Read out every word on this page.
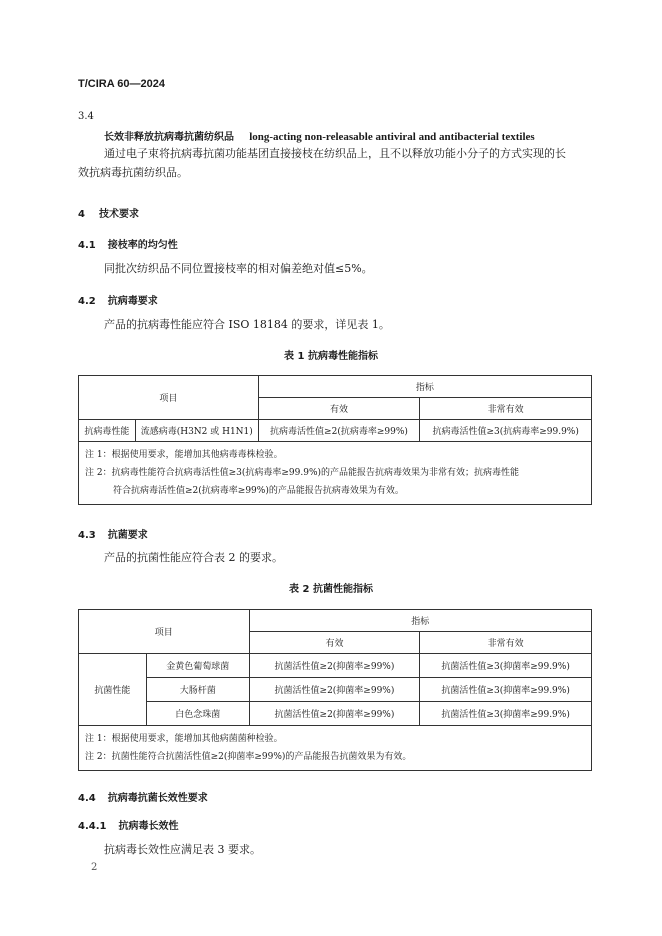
T/CIRA 60—2024
3.4
长效非释放抗病毒抗菌纺织品 long-acting non-releasable antiviral and antibacterial textiles
通过电子束将抗病毒抗菌功能基团直接接枝在纺织品上，且不以释放功能小分子的方式实现的长
效抗病毒抗菌纺织品。
4 技术要求
4.1 接枝率的均匀性
同批次纺织品不同位置接枝率的相对偏差绝对值≤5%。
4.2 抗病毒要求
产品的抗病毒性能应符合 ISO 18184 的要求，详见表 1。
表 1 抗病毒性能指标
项目		指标	
		有效	非常有效
抗病毒性能	流感病毒(H3N2 或 H1N1)	抗病毒活性值≥2(抗病毒率≥99%)	抗病毒活性值≥3(抗病毒率≥99.9%)

注 1：根据使用要求，能增加其他病毒毒株检验。
注 2：抗病毒性能符合抗病毒活性值≥3(抗病毒率≥99.9%)的产品能报告抗病毒效果为非常有效；抗病毒性能
符合抗病毒活性值≥2(抗病毒率≥99%)的产品能报告抗病毒效果为有效。			
4.3 抗菌要求
产品的抗菌性能应符合表 2 的要求。
表 2 抗菌性能指标
项目		指标	
		有效	非常有效
抗菌性能	金黄色葡萄球菌	抗菌活性值≥2(抑菌率≥99%)	抗菌活性值≥3(抑菌率≥99.9%)
	大肠杆菌	抗菌活性值≥2(抑菌率≥99%)	抗菌活性值≥3(抑菌率≥99.9%)
	白色念珠菌	抗菌活性值≥2(抑菌率≥99%)	抗菌活性值≥3(抑菌率≥99.9%)

注 1：根据使用要求，能增加其他病菌菌种检验。
注 2：抗菌性能符合抗菌活性值≥2(抑菌率≥99%)的产品能报告抗菌效果为有效。			
4.4 抗病毒抗菌长效性要求
4.4.1 抗病毒长效性
抗病毒长效性应满足表 3 要求。
2
